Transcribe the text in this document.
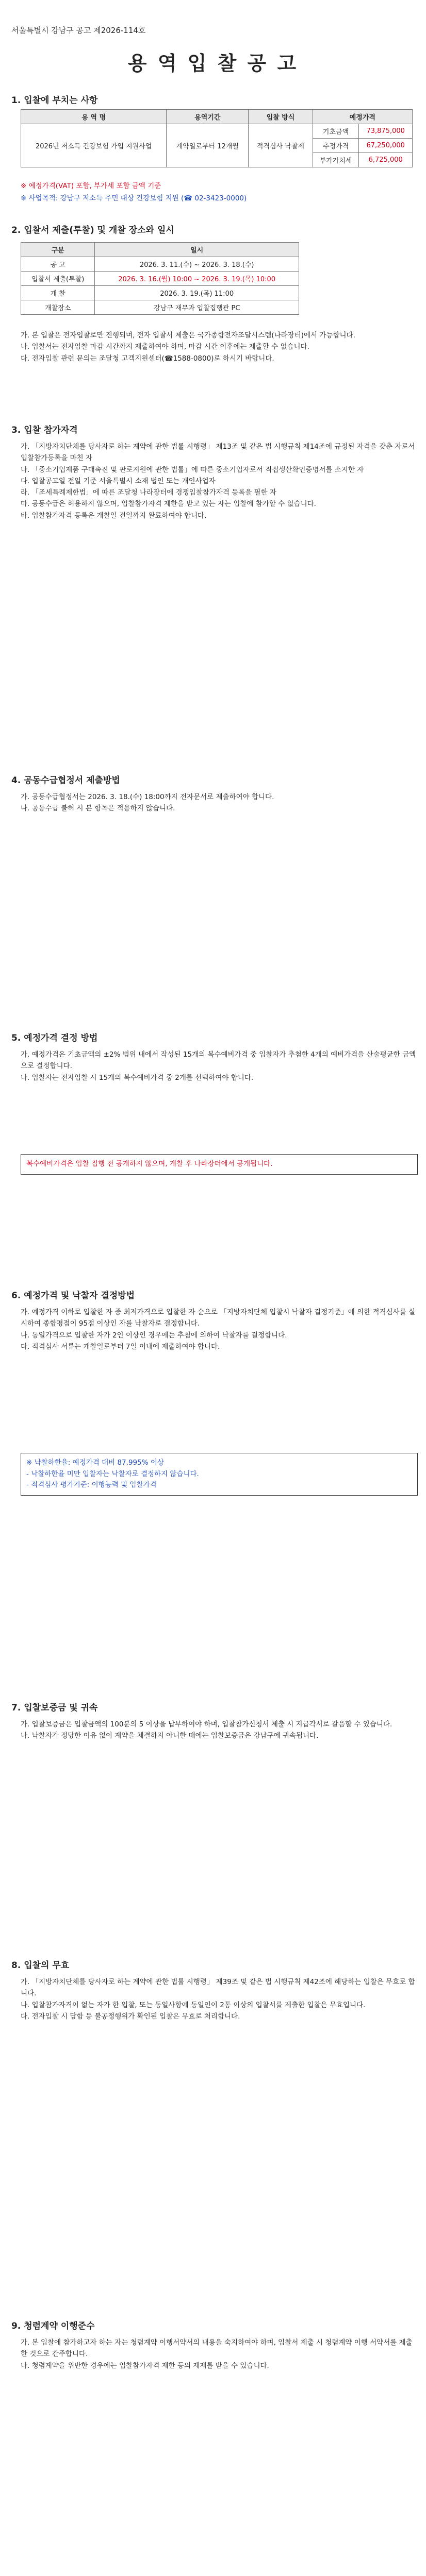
서울특별시 강남구 공고 제2026-114호
용 역 입 찰 공 고
1. 입찰에 부치는 사항
용 역 명	용역기간	입찰 방식	예정가격	
2026년 저소득 건강보험 가입 지원사업	계약일로부터 12개월	적격심사 낙찰제	기초금액	73,875,000
			추정가격	67,250,000
			부가가치세	6,725,000
※ 예정가격(VAT) 포함, 부가세 포함 금액 기준
※ 사업목적: 강남구 저소득 주민 대상 건강보험 지원 (☎ 02-3423-0000)
2. 입찰서 제출(투찰) 및 개찰 장소와 일시
구분	일시
공 고	2026. 3. 11.(수) ~ 2026. 3. 18.(수)
입찰서 제출(투찰)	2026. 3. 16.(월) 10:00 ~ 2026. 3. 19.(목) 10:00
개 찰	2026. 3. 19.(목) 11:00
개찰장소	강남구 재무과 입찰집행관 PC
가. 본 입찰은 전자입찰로만 진행되며, 전자 입찰서 제출은 국가종합전자조달시스템(나라장터)에서 가능합니다.
나. 입찰서는 전자입찰 마감 시간까지 제출하여야 하며, 마감 시간 이후에는 제출할 수 없습니다.
다. 전자입찰 관련 문의는 조달청 고객지원센터(☎1588-0800)로 하시기 바랍니다.
3. 입찰 참가자격
가. 「지방자치단체를 당사자로 하는 계약에 관한 법률 시행령」 제13조 및 같은 법 시행규칙 제14조에 규정된 자격을 갖춘 자로서 입찰참가등록을 마친 자
나. 「중소기업제품 구매촉진 및 판로지원에 관한 법률」에 따른 중소기업자로서 직접생산확인증명서를 소지한 자
다. 입찰공고일 전일 기준 서울특별시 소재 법인 또는 개인사업자
라. 「조세특례제한법」에 따른 조달청 나라장터에 경쟁입찰참가자격 등록을 필한 자
마. 공동수급은 허용하지 않으며, 입찰참가자격 제한을 받고 있는 자는 입찰에 참가할 수 없습니다.
바. 입찰참가자격 등록은 개찰일 전일까지 완료하여야 합니다.
4. 공동수급협정서 제출방법
가. 공동수급협정서는 2026. 3. 18.(수) 18:00까지 전자문서로 제출하여야 합니다.
나. 공동수급 불허 시 본 항목은 적용하지 않습니다.
5. 예정가격 결정 방법
가. 예정가격은 기초금액의 ±2% 범위 내에서 작성된 15개의 복수예비가격 중 입찰자가 추첨한 4개의 예비가격을 산술평균한 금액으로 결정합니다.
나. 입찰자는 전자입찰 시 15개의 복수예비가격 중 2개를 선택하여야 합니다.
복수예비가격은 입찰 집행 전 공개하지 않으며, 개찰 후 나라장터에서 공개됩니다.
6. 예정가격 및 낙찰자 결정방법
가. 예정가격 이하로 입찰한 자 중 최저가격으로 입찰한 자 순으로 「지방자치단체 입찰시 낙찰자 결정기준」에 의한 적격심사를 실시하여 종합평점이 95점 이상인 자를 낙찰자로 결정합니다.
나. 동일가격으로 입찰한 자가 2인 이상인 경우에는 추첨에 의하여 낙찰자를 결정합니다.
다. 적격심사 서류는 개찰일로부터 7일 이내에 제출하여야 합니다.
※ 낙찰하한율: 예정가격 대비 87.995% 이상
- 낙찰하한율 미만 입찰자는 낙찰자로 결정하지 않습니다.
- 적격심사 평가기준: 이행능력 및 입찰가격
7. 입찰보증금 및 귀속
가. 입찰보증금은 입찰금액의 100분의 5 이상을 납부하여야 하며, 입찰참가신청서 제출 시 지급각서로 갈음할 수 있습니다.
나. 낙찰자가 정당한 이유 없이 계약을 체결하지 아니한 때에는 입찰보증금은 강남구에 귀속됩니다.
8. 입찰의 무효
가. 「지방자치단체를 당사자로 하는 계약에 관한 법률 시행령」 제39조 및 같은 법 시행규칙 제42조에 해당하는 입찰은 무효로 합니다.
나. 입찰참가자격이 없는 자가 한 입찰, 또는 동일사항에 동일인이 2통 이상의 입찰서를 제출한 입찰은 무효입니다.
다. 전자입찰 시 담합 등 불공정행위가 확인된 입찰은 무효로 처리합니다.
9. 청렴계약 이행준수
가. 본 입찰에 참가하고자 하는 자는 청렴계약 이행서약서의 내용을 숙지하여야 하며, 입찰서 제출 시 청렴계약 이행 서약서를 제출한 것으로 간주합니다.
나. 청렴계약을 위반한 경우에는 입찰참가자격 제한 등의 제재를 받을 수 있습니다.
